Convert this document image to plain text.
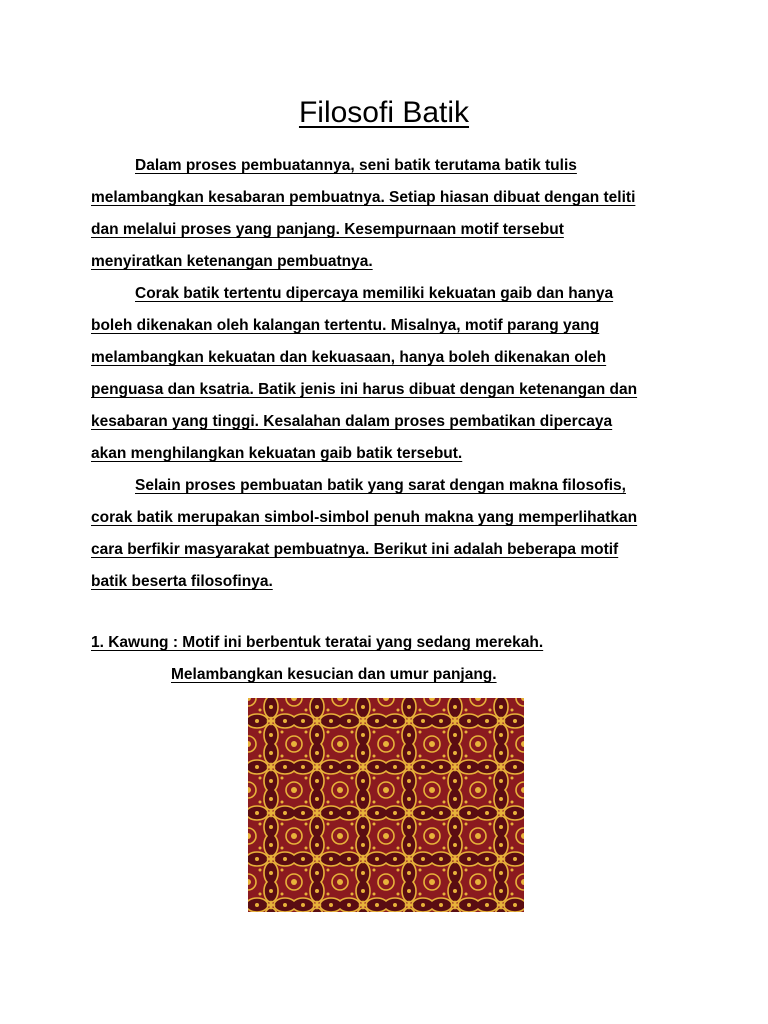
Filosofi Batik
Dalam proses pembuatannya, seni batik terutama batik tulis
melambangkan kesabaran pembuatnya. Setiap hiasan dibuat dengan teliti
dan melalui proses yang panjang. Kesempurnaan motif tersebut
menyiratkan ketenangan pembuatnya.
Corak batik tertentu dipercaya memiliki kekuatan gaib dan hanya
boleh dikenakan oleh kalangan tertentu. Misalnya, motif parang yang
melambangkan kekuatan dan kekuasaan, hanya boleh dikenakan oleh
penguasa dan ksatria. Batik jenis ini harus dibuat dengan ketenangan dan
kesabaran yang tinggi. Kesalahan dalam proses pembatikan dipercaya
akan menghilangkan kekuatan gaib batik tersebut.
Selain proses pembuatan batik yang sarat dengan makna filosofis,
corak batik merupakan simbol-simbol penuh makna yang memperlihatkan
cara berfikir masyarakat pembuatnya. Berikut ini adalah beberapa motif
batik beserta filosofinya.
1. Kawung : Motif ini berbentuk teratai yang sedang merekah.
Melambangkan kesucian dan umur panjang.
